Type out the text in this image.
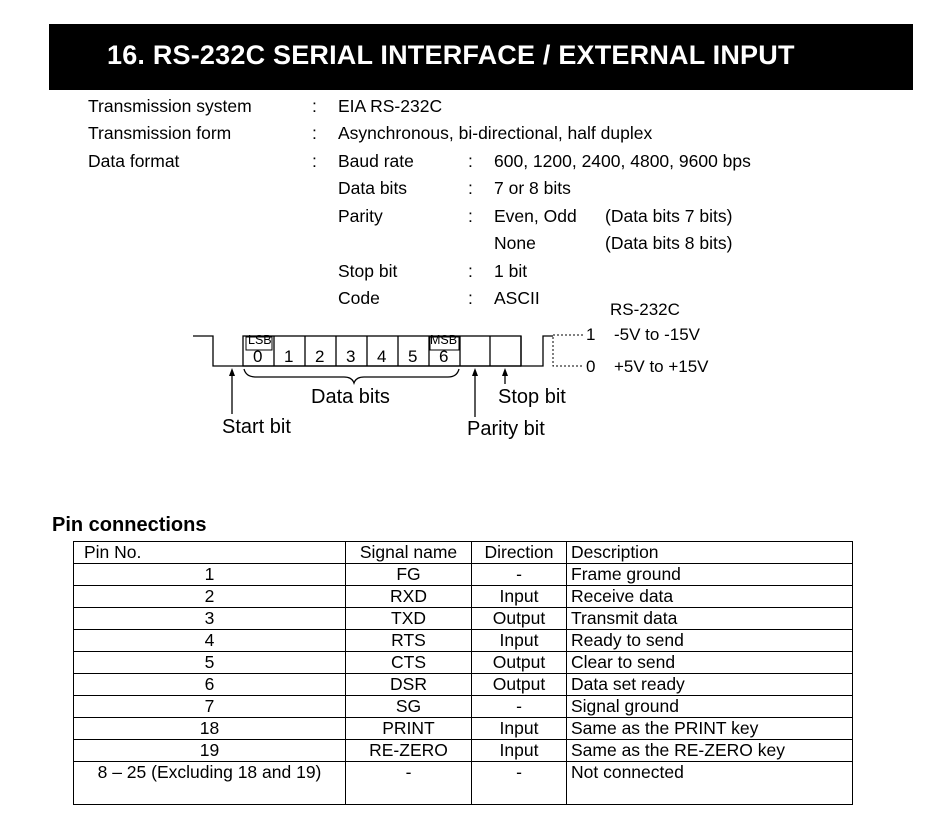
16. RS-232C SERIAL INTERFACE / EXTERNAL INPUT
Transmission system	: EIA RS-232C
Transmission form	: Asynchronous, bi-directional, half duplex
Data format	: Baud rate	: 600, 1200, 2400, 4800, 9600 bps
Data bits	: 7 or 8 bits
Parity	: Even, Odd (Data bits 7 bits)
None	(Data bits 8 bits)
Stop bit	: 1 bit
Code	: ASCII
LSB	MSB
0 1 2 3 4 5 6
Data bits
Start bit	Parity bit
Stop bit
RS-232C
1 -5V to -15V
0 +5V to +15V
Pin connections
Pin No.	Signal name	Direction	Description
1	FG	-	Frame ground
2	RXD	Input	Receive data
3	TXD	Output	Transmit data
4	RTS	Input	Ready to send
5	CTS	Output	Clear to send
6	DSR	Output	Data set ready
7	SG	-	Signal ground
18	PRINT	Input	Same as the PRINT key
19	RE-ZERO	Input	Same as the RE-ZERO key
8 – 25 (Excluding 18 and 19)	-	-	Not connected
